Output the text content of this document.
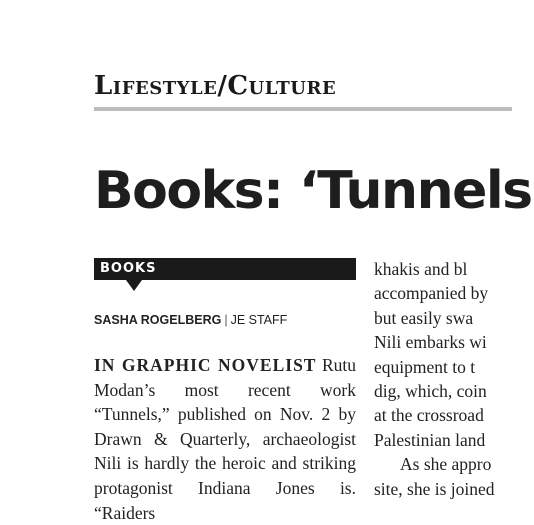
Lifestyle/Culture
Books: ‘Tunnels
BOOKS
SASHA ROGELBERG | JE STAFF
IN GRAPHIC NOVELIST Rutu Modan’s most recent work “Tunnels,” published on Nov. 2 by Drawn & Quarterly, archaeologist Nili is hardly the heroic and striking protagonist Indiana Jones is. “Raiders
khakis and bl
accompanied by
but easily swa
Nili embarks wi
equipment to t
dig, which, coin
at the crossroad
Palestinian land
As she appro
site, she is joined
